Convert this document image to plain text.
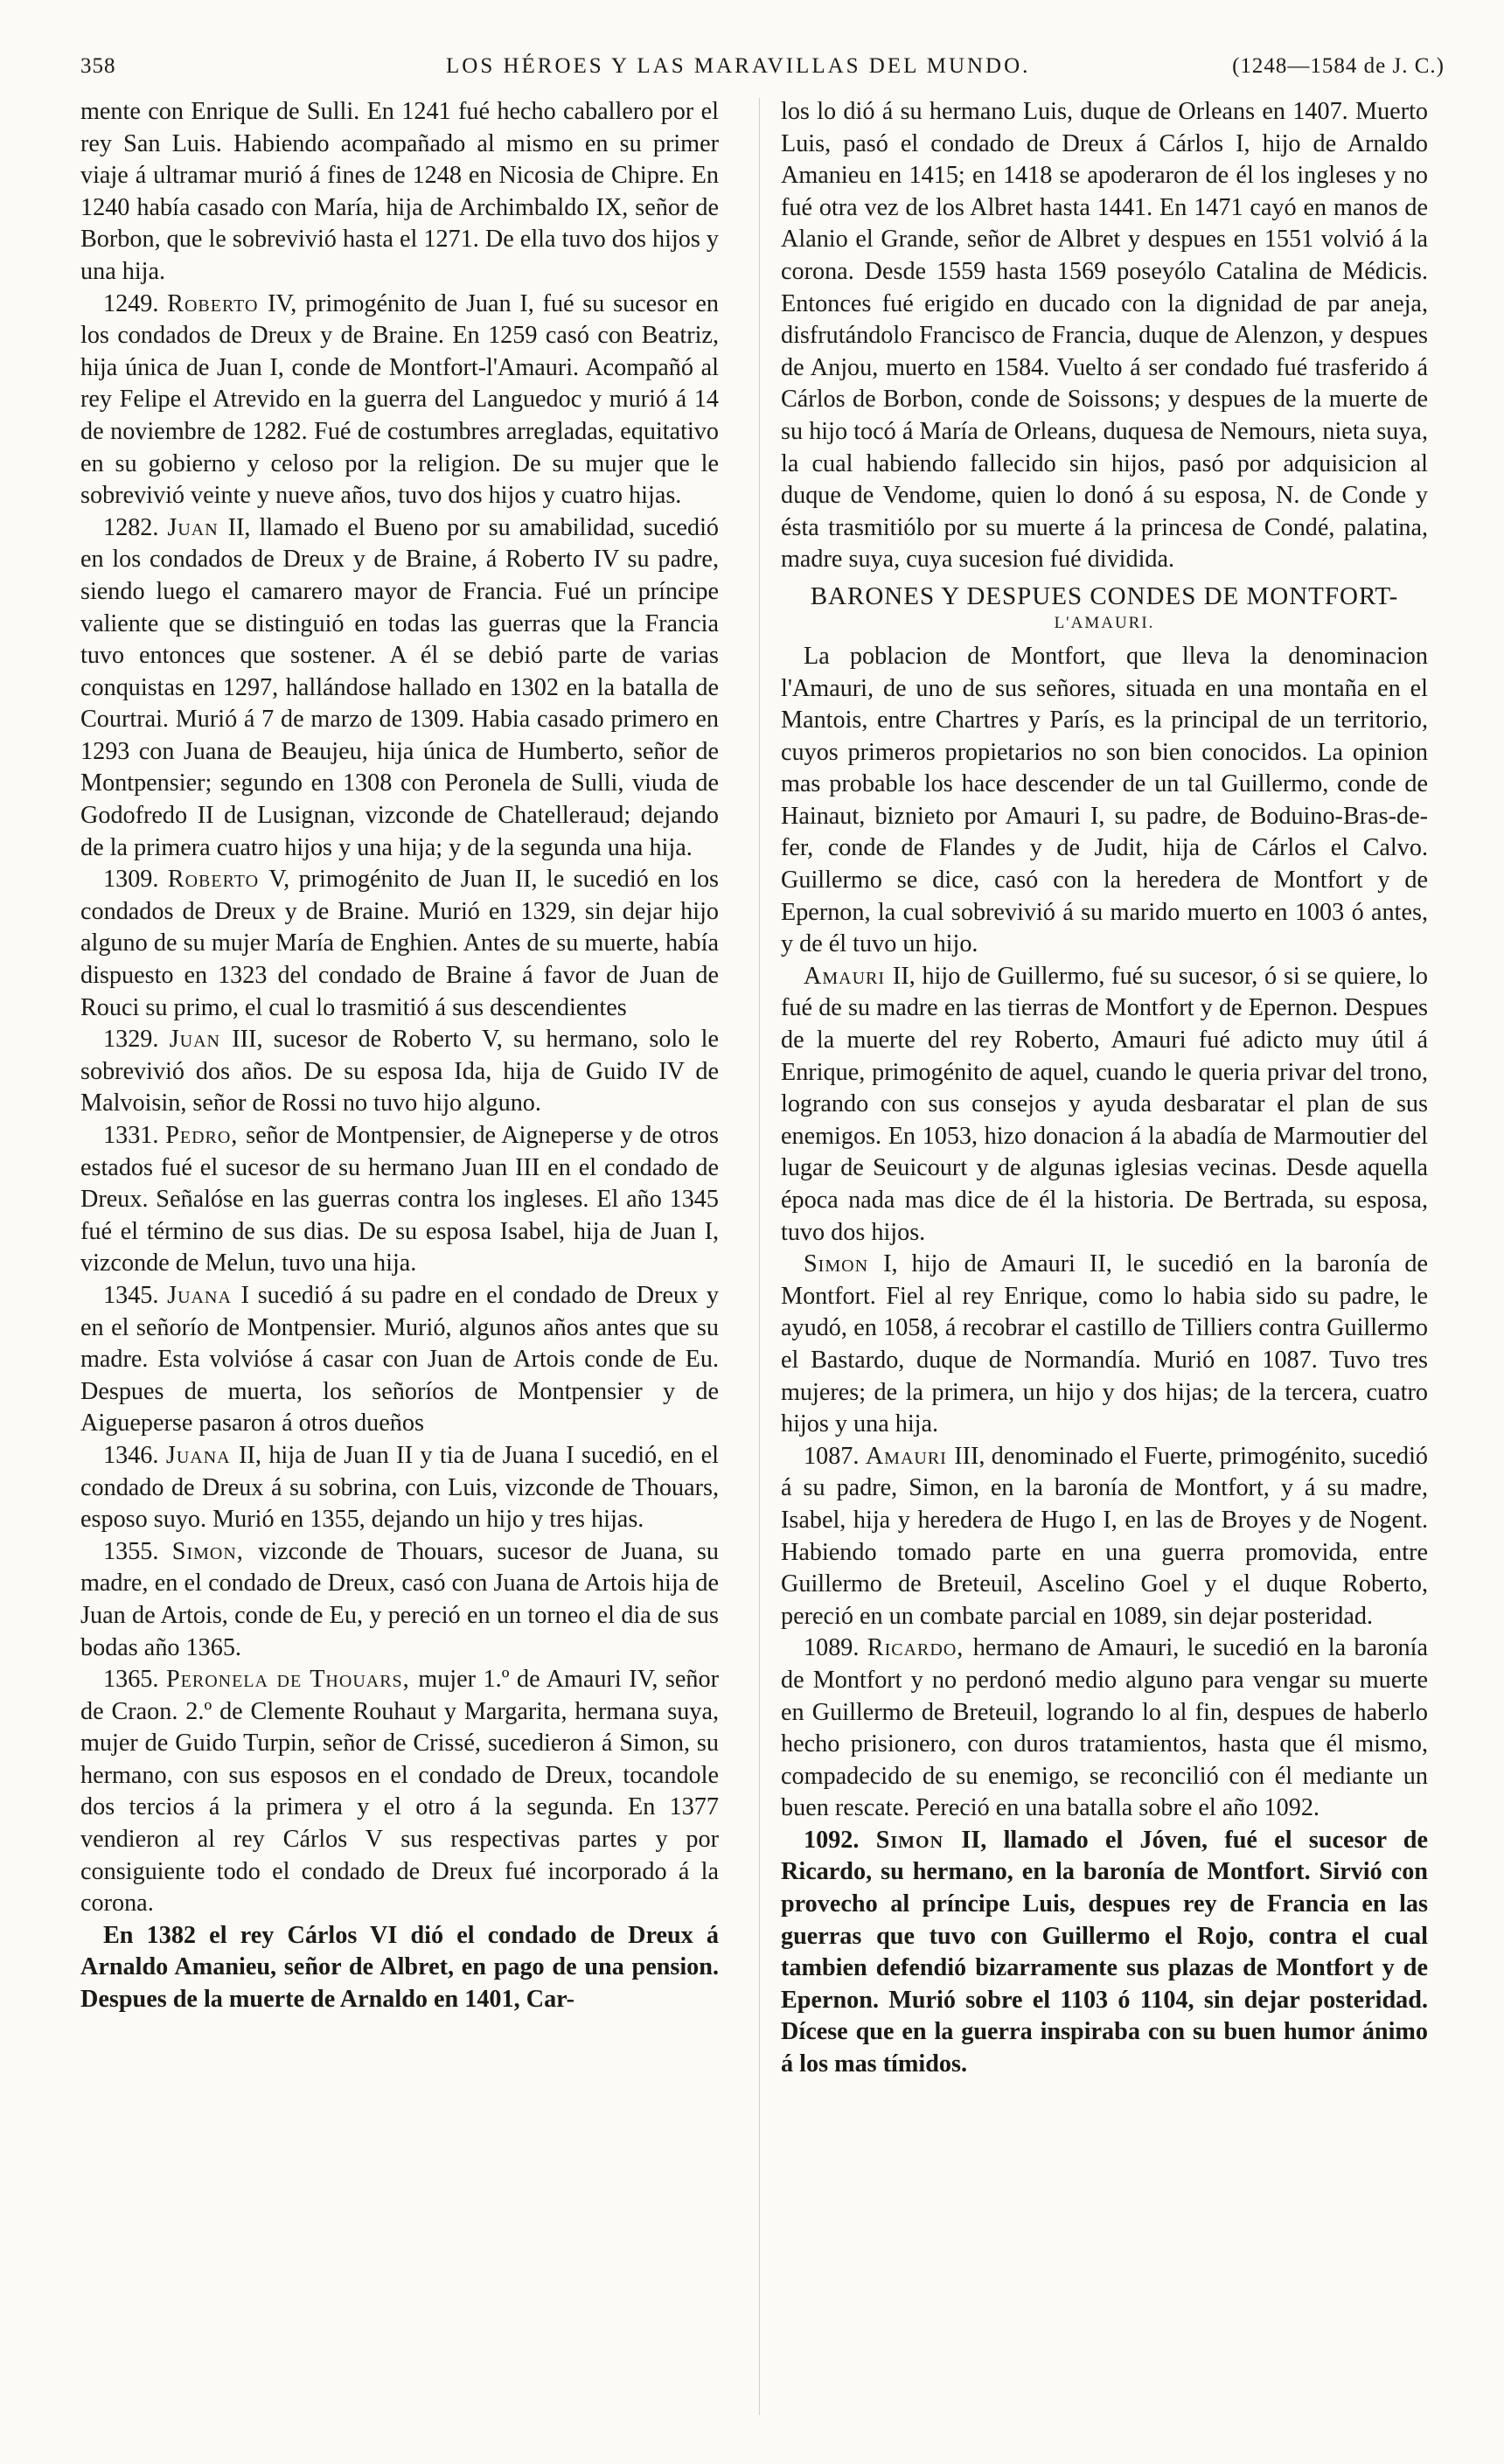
358	LOS HÉROES Y LAS MARAVILLAS DEL MUNDO.	(1248—1584 de J. C.)

mente con Enrique de Sulli. En 1241 fué hecho caballero por el rey San Luis. Habiendo acompañado al mismo en su primer viaje á ultramar murió á fines de 1248 en Nicosia de Chipre. En 1240 había casado con María, hija de Archimbaldo IX, señor de Borbon, que le sobrevivió hasta el 1271. De ella tuvo dos hijos y una hija.

1249. Roberto IV, primogénito de Juan I, fué su sucesor en los condados de Dreux y de Braine. En 1259 casó con Beatriz, hija única de Juan I, conde de Montfort-l'Amauri. Acompañó al rey Felipe el Atrevido en la guerra del Languedoc y murió á 14 de noviembre de 1282. Fué de costumbres arregladas, equitativo en su gobierno y celoso por la religion. De su mujer que le sobrevivió veinte y nueve años, tuvo dos hijos y cuatro hijas.

1282. Juan II, llamado el Bueno por su amabilidad, sucedió en los condados de Dreux y de Braine, á Roberto IV su padre, siendo luego el camarero mayor de Francia. Fué un príncipe valiente que se distinguió en todas las guerras que la Francia tuvo entonces que sostener. A él se debió parte de varias conquistas en 1297, hallándose hallado en 1302 en la batalla de Courtrai. Murió á 7 de marzo de 1309. Habia casado primero en 1293 con Juana de Beaujeu, hija única de Humberto, señor de Montpensier; segundo en 1308 con Peronela de Sulli, viuda de Godofredo II de Lusignan, vizconde de Chatelleraud; dejando de la primera cuatro hijos y una hija; y de la segunda una hija.

1309. Roberto V, primogénito de Juan II, le sucedió en los condados de Dreux y de Braine. Murió en 1329, sin dejar hijo alguno de su mujer María de Enghien. Antes de su muerte, había dispuesto en 1323 del condado de Braine á favor de Juan de Rouci su primo, el cual lo trasmitió á sus descendientes

1329. Juan III, sucesor de Roberto V, su hermano, solo le sobrevivió dos años. De su esposa Ida, hija de Guido IV de Malvoisin, señor de Rossi no tuvo hijo alguno.

1331. Pedro, señor de Montpensier, de Aigneperse y de otros estados fué el sucesor de su hermano Juan III en el condado de Dreux. Señalóse en las guerras contra los ingleses. El año 1345 fué el término de sus dias. De su esposa Isabel, hija de Juan I, vizconde de Melun, tuvo una hija.

1345. Juana I sucedió á su padre en el condado de Dreux y en el señorío de Montpensier. Murió, algunos años antes que su madre. Esta volvióse á casar con Juan de Artois conde de Eu. Despues de muerta, los señoríos de Montpensier y de Aigueperse pasaron á otros dueños

1346. Juana II, hija de Juan II y tia de Juana I sucedió, en el condado de Dreux á su sobrina, con Luis, vizconde de Thouars, esposo suyo. Murió en 1355, dejando un hijo y tres hijas.

1355. Simon, vizconde de Thouars, sucesor de Juana, su madre, en el condado de Dreux, casó con Juana de Artois hija de Juan de Artois, conde de Eu, y pereció en un torneo el dia de sus bodas año 1365.

1365. Peronela de Thouars, mujer 1.º de Amauri IV, señor de Craon. 2.º de Clemente Rouhaut y Margarita, hermana suya, mujer de Guido Turpin, señor de Crissé, sucedieron á Simon, su hermano, con sus esposos en el condado de Dreux, tocandole dos tercios á la primera y el otro á la segunda. En 1377 vendieron al rey Cárlos V sus respectivas partes y por consiguiente todo el condado de Dreux fué incorporado á la corona.

En 1382 el rey Cárlos VI dió el condado de Dreux á Arnaldo Amanieu, señor de Albret, en pago de una pension. Despues de la muerte de Arnaldo en 1401, Car-

los lo dió á su hermano Luis, duque de Orleans en 1407. Muerto Luis, pasó el condado de Dreux á Cárlos I, hijo de Arnaldo Amanieu en 1415; en 1418 se apoderaron de él los ingleses y no fué otra vez de los Albret hasta 1441. En 1471 cayó en manos de Alanio el Grande, señor de Albret y despues en 1551 volvió á la corona. Desde 1559 hasta 1569 poseyólo Catalina de Médicis. Entonces fué erigido en ducado con la dignidad de par aneja, disfrutándolo Francisco de Francia, duque de Alenzon, y despues de Anjou, muerto en 1584. Vuelto á ser condado fué trasferido á Cárlos de Borbon, conde de Soissons; y despues de la muerte de su hijo tocó á María de Orleans, duquesa de Nemours, nieta suya, la cual habiendo fallecido sin hijos, pasó por adquisicion al duque de Vendome, quien lo donó á su esposa, N. de Conde y ésta trasmitiólo por su muerte á la princesa de Condé, palatina, madre suya, cuya sucesion fué dividida.

BARONES Y DESPUES CONDES DE MONTFORT-
L'AMAURI.

La poblacion de Montfort, que lleva la denominacion l'Amauri, de uno de sus señores, situada en una montaña en el Mantois, entre Chartres y París, es la principal de un territorio, cuyos primeros propietarios no son bien conocidos. La opinion mas probable los hace descender de un tal Guillermo, conde de Hainaut, biznieto por Amauri I, su padre, de Boduino-Bras-de-fer, conde de Flandes y de Judit, hija de Cárlos el Calvo. Guillermo se dice, casó con la heredera de Montfort y de Epernon, la cual sobrevivió á su marido muerto en 1003 ó antes, y de él tuvo un hijo.

Amauri II, hijo de Guillermo, fué su sucesor, ó si se quiere, lo fué de su madre en las tierras de Montfort y de Epernon. Despues de la muerte del rey Roberto, Amauri fué adicto muy útil á Enrique, primogénito de aquel, cuando le queria privar del trono, logrando con sus consejos y ayuda desbaratar el plan de sus enemigos. En 1053, hizo donacion á la abadía de Marmoutier del lugar de Seuicourt y de algunas iglesias vecinas. Desde aquella época nada mas dice de él la historia. De Bertrada, su esposa, tuvo dos hijos.

Simon I, hijo de Amauri II, le sucedió en la baronía de Montfort. Fiel al rey Enrique, como lo habia sido su padre, le ayudó, en 1058, á recobrar el castillo de Tilliers contra Guillermo el Bastardo, duque de Normandía. Murió en 1087. Tuvo tres mujeres; de la primera, un hijo y dos hijas; de la tercera, cuatro hijos y una hija.

1087. Amauri III, denominado el Fuerte, primogénito, sucedió á su padre, Simon, en la baronía de Montfort, y á su madre, Isabel, hija y heredera de Hugo I, en las de Broyes y de Nogent. Habiendo tomado parte en una guerra promovida, entre Guillermo de Breteuil, Ascelino Goel y el duque Roberto, pereció en un combate parcial en 1089, sin dejar posteridad.

1089. Ricardo, hermano de Amauri, le sucedió en la baronía de Montfort y no perdonó medio alguno para vengar su muerte en Guillermo de Breteuil, logrando lo al fin, despues de haberlo hecho prisionero, con duros tratamientos, hasta que él mismo, compadecido de su enemigo, se reconcilió con él mediante un buen rescate. Pereció en una batalla sobre el año 1092.

1092. Simon II, llamado el Jóven, fué el sucesor de Ricardo, su hermano, en la baronía de Montfort. Sirvió con provecho al príncipe Luis, despues rey de Francia en las guerras que tuvo con Guillermo el Rojo, contra el cual tambien defendió bizarramente sus plazas de Montfort y de Epernon. Murió sobre el 1103 ó 1104, sin dejar posteridad. Dícese que en la guerra inspiraba con su buen humor ánimo á los mas tímidos.
